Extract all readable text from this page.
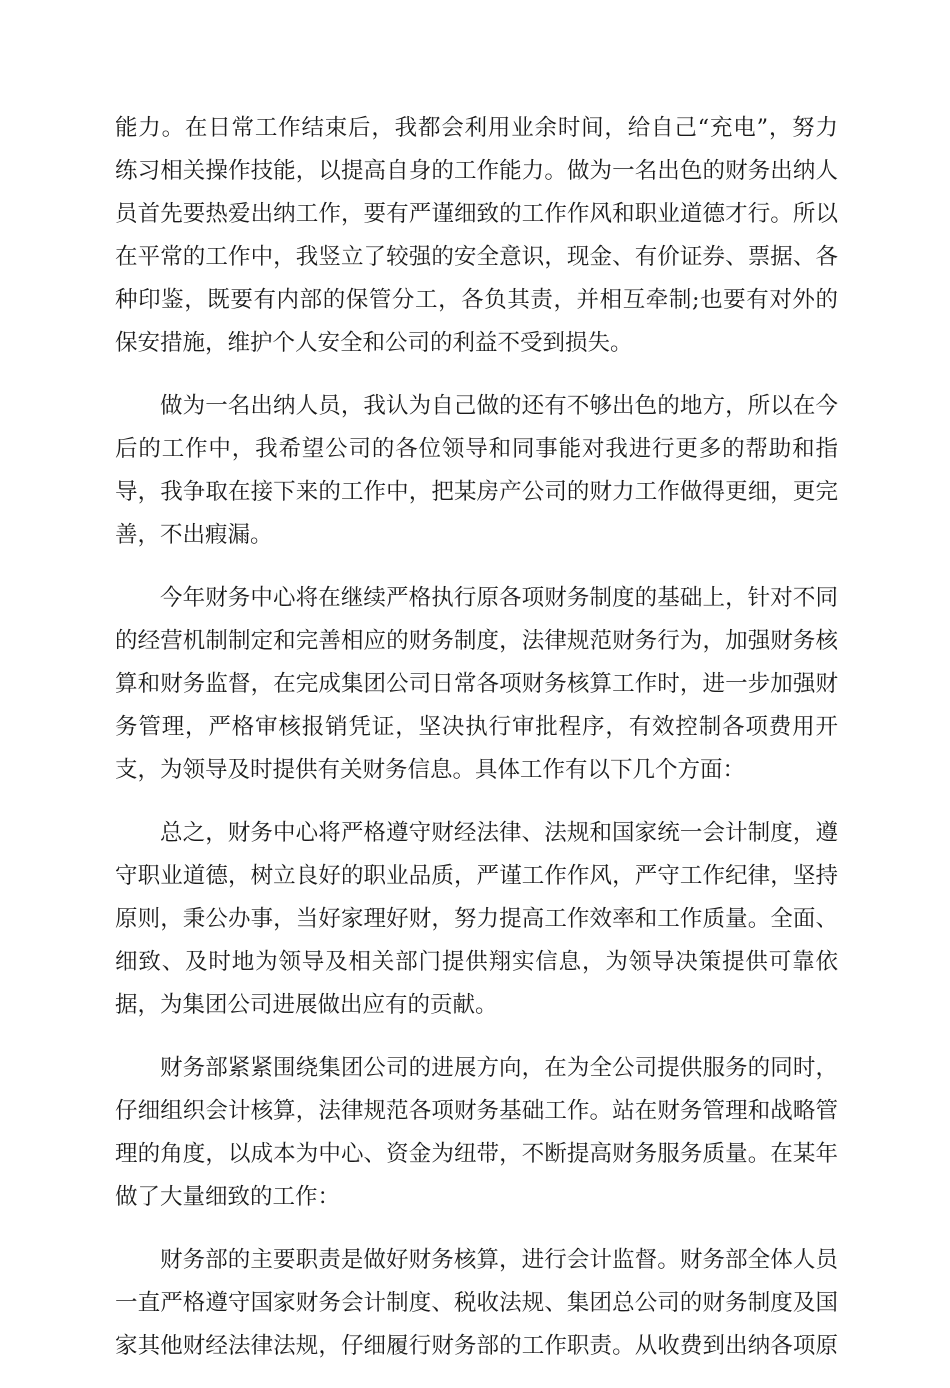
能力。在日常工作结束后，我都会利用业余时间，给自己“充电”，努力
练习相关操作技能，以提高自身的工作能力。做为一名出色的财务出纳人
员首先要热爱出纳工作，要有严谨细致的工作作风和职业道德才行。所以
在平常的工作中，我竖立了较强的安全意识，现金、有价证券、票据、各
种印鉴，既要有内部的保管分工，各负其责，并相互牵制;也要有对外的
保安措施，维护个人安全和公司的利益不受到损失。
做为一名出纳人员，我认为自己做的还有不够出色的地方，所以在今
后的工作中，我希望公司的各位领导和同事能对我进行更多的帮助和指
导，我争取在接下来的工作中，把某房产公司的财力工作做得更细，更完
善，不出瘕漏。
今年财务中心将在继续严格执行原各项财务制度的基础上，针对不同
的经营机制制定和完善相应的财务制度，法律规范财务行为，加强财务核
算和财务监督，在完成集团公司日常各项财务核算工作时，进一步加强财
务管理，严格审核报销凭证，坚决执行审批程序，有效控制各项费用开
支，为领导及时提供有关财务信息。具体工作有以下几个方面：
总之，财务中心将严格遵守财经法律、法规和国家统一会计制度，遵
守职业道德，树立良好的职业品质，严谨工作作风，严守工作纪律，坚持
原则，秉公办事，当好家理好财，努力提高工作效率和工作质量。全面、
细致、及时地为领导及相关部门提供翔实信息，为领导决策提供可靠依
据，为集团公司进展做出应有的贡献。
财务部紧紧围绕集团公司的进展方向，在为全公司提供服务的同时，
仔细组织会计核算，法律规范各项财务基础工作。站在财务管理和战略管
理的角度，以成本为中心、资金为纽带，不断提高财务服务质量。在某年
做了大量细致的工作：
财务部的主要职责是做好财务核算，进行会计监督。财务部全体人员
一直严格遵守国家财务会计制度、税收法规、集团总公司的财务制度及国
家其他财经法律法规，仔细履行财务部的工作职责。从收费到出纳各项原
